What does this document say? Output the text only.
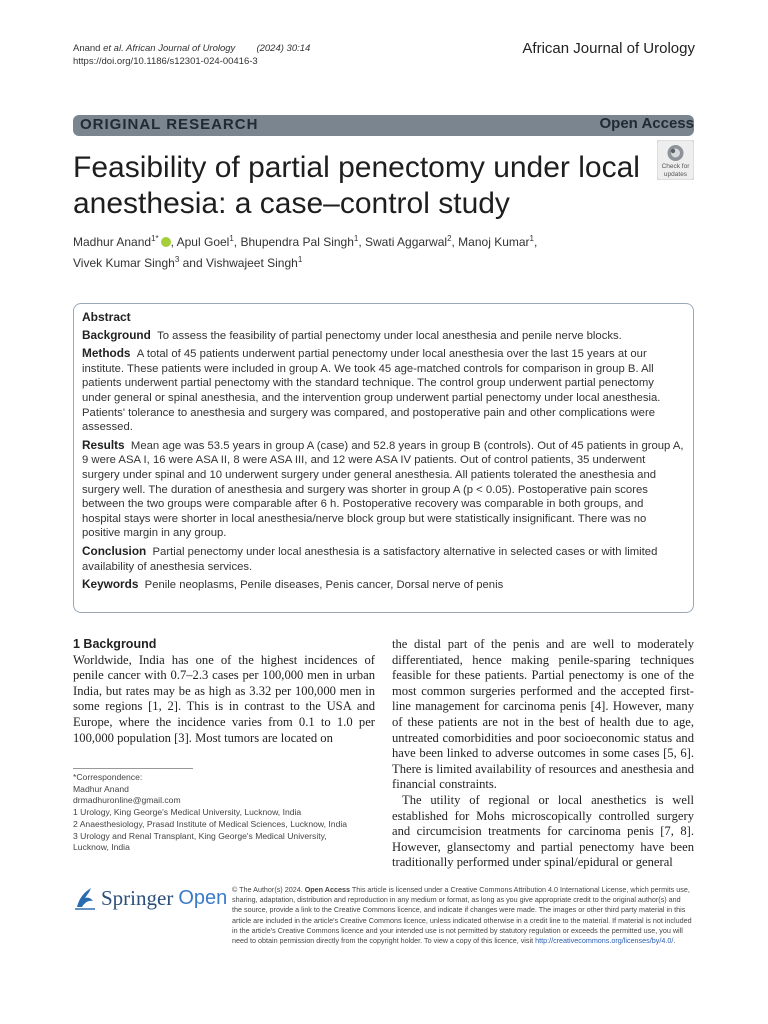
Anand et al. African Journal of Urology (2024) 30:14
https://doi.org/10.1186/s12301-024-00416-3
African Journal of Urology
ORIGINAL RESEARCH	Open Access
Feasibility of partial penectomy under local anesthesia: a case–control study
Check for
updates
Madhur Anand$^{1*}$ , Apul Goel$^1$, Bhupendra Pal Singh$^1$, Swati Aggarwal$^2$, Manoj Kumar$^1$,
Vivek Kumar Singh$^3$ and Vishwajeet Singh$^1$

Abstract

Background To assess the feasibility of partial penectomy under local anesthesia and penile nerve blocks.

Methods A total of 45 patients underwent partial penectomy under local anesthesia over the last 15 years at our institute. These patients were included in group A. We took 45 age-matched controls for comparison in group B. All patients underwent partial penectomy with the standard technique. The control group underwent partial penectomy under general or spinal anesthesia, and the intervention group underwent partial penectomy under local anesthesia. Patients' tolerance to anesthesia and surgery was compared, and postoperative pain and other complications were assessed.

Results Mean age was 53.5 years in group A (case) and 52.8 years in group B (controls). Out of 45 patients in group A, 9 were ASA I, 16 were ASA II, 8 were ASA III, and 12 were ASA IV patients. Out of control patients, 35 underwent surgery under spinal and 10 underwent surgery under general anesthesia. All patients tolerated the anesthesia and surgery well. The duration of anesthesia and surgery was shorter in group A (p < 0.05). Postoperative pain scores between the two groups were comparable after 6 h. Postoperative recovery was comparable in both groups, and hospital stays were shorter in local anesthesia/nerve block group but were statistically insignificant. There was no positive margin in any group.

Conclusion Partial penectomy under local anesthesia is a satisfactory alternative in selected cases or with limited availability of anesthesia services.

Keywords Penile neoplasms, Penile diseases, Penis cancer, Dorsal nerve of penis

1 Background
Worldwide, India has one of the highest incidences of penile cancer with 0.7–2.3 cases per 100,000 men in urban India, but rates may be as high as 3.32 per 100,000 men in some regions [1, 2]. This is in contrast to the USA and Europe, where the incidence varies from 0.1 to 1.0 per 100,000 population [3]. Most tumors are located on
the distal part of the penis and are well to moderately differentiated, hence making penile-sparing techniques feasible for these patients. Partial penectomy is one of the most common surgeries performed and the accepted first-line management for carcinoma penis [4]. However, many of these patients are not in the best of health due to age, untreated comorbidities and poor socioeconomic status and have been linked to adverse outcomes in some cases [5, 6]. There is limited availability of resources and anesthesia and financial constraints.
The utility of regional or local anesthetics is well established for Mohs microscopically controlled surgery and circumcision treatments for carcinoma penis [7, 8]. However, glansectomy and partial penectomy have been traditionally performed under spinal/epidural or general
*Correspondence:
Madhur Anand
drmadhuronline@gmail.com
1 Urology, King George's Medical University, Lucknow, India
2 Anaesthesiology, Prasad Institute of Medical Sciences, Lucknow, India
3 Urology and Renal Transplant, King George's Medical University,
Lucknow, India
Springer Open © The Author(s) 2024. Open Access This article is licensed under a Creative Commons Attribution 4.0 International License, which permits use, sharing, adaptation, distribution and reproduction in any medium or format, as long as you give appropriate credit to the original author(s) and the source, provide a link to the Creative Commons licence, and indicate if changes were made. The images or other third party material in this article are included in the article's Creative Commons licence, unless indicated otherwise in a credit line to the material. If material is not included in the article's Creative Commons licence and your intended use is not permitted by statutory regulation or exceeds the permitted use, you will need to obtain permission directly from the copyright holder. To view a copy of this licence, visit http://creativecommons.org/licenses/by/4.0/.
